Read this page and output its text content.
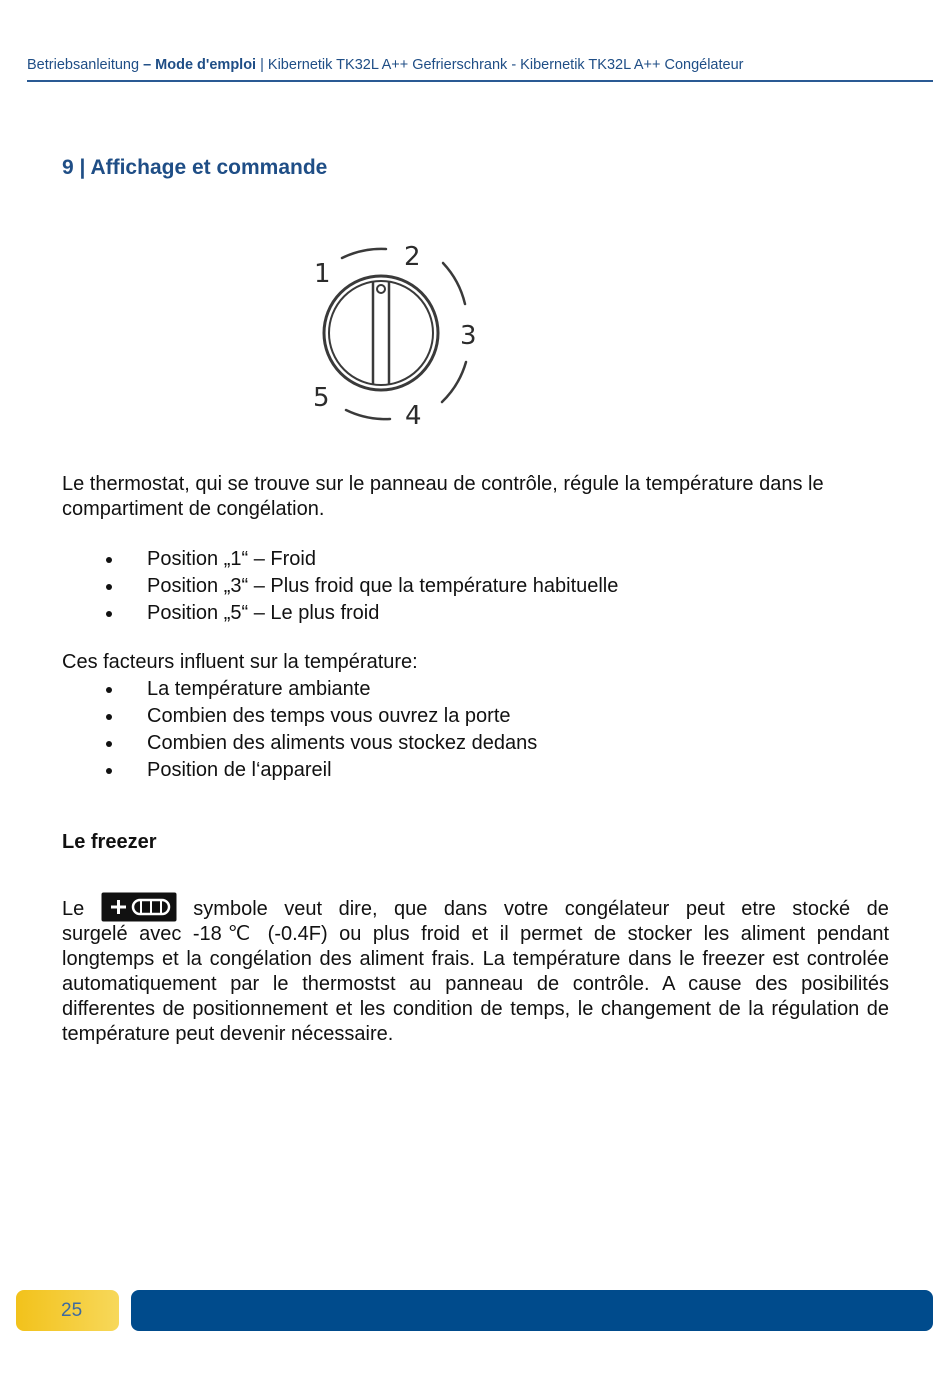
Betriebsanleitung – Mode d'emploi | Kibernetik TK32L A++ Gefrierschrank - Kibernetik TK32L A++ Congélateur
9 | Affichage et commande
1
2
3
4
5

Le thermostat, qui se trouve sur le panneau de contrôle, régule la température dans le compartiment de congélation.

Position „1“ – Froid
Position „3“ – Plus froid que la température habituelle
Position „5“ – Le plus froid

Ces facteurs influent sur la température:

La température ambiante
Combien des temps vous ouvrez la porte
Combien des aliments vous stockez dedans
Position de l‘appareil
Le freezer
Le	symbole veut dire, que dans votre congélateur peut etre stocké de

surgelé avec -18℃ (-0.4F) ou plus froid et il permet de stocker les aliment pendant longtemps et la congélation des aliment frais. La température dans le freezer est controlée automatiquement par le thermostst au panneau de contrôle. A cause des posibilités differentes de positionnement et les condition de temps, le changement de la régulation de température peut devenir nécessaire.

25
